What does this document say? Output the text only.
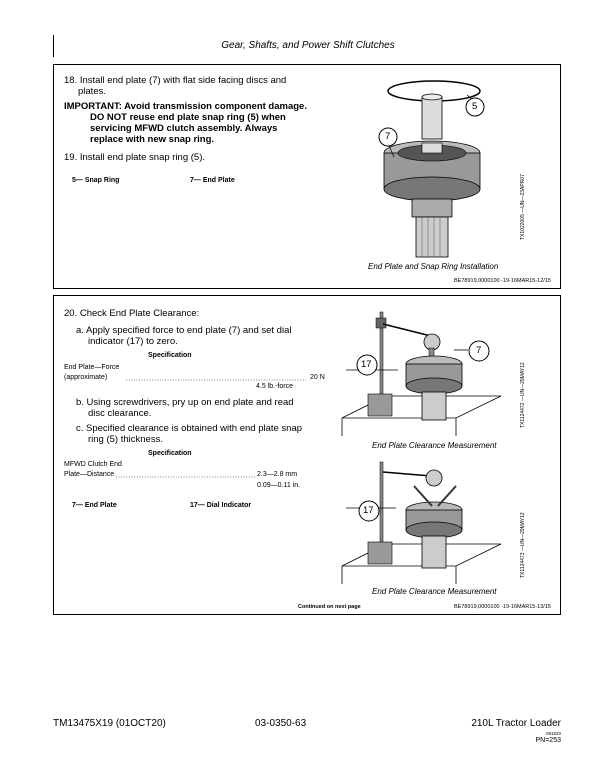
Gear, Shafts, and Power Shift Clutches
18. Install end plate (7) with flat side facing discs and
plates.
IMPORTANT: Avoid transmission component damage.
DO NOT reuse end plate snap ring (5) when
servicing MFWD clutch assembly. Always
replace with new snap ring.
19. Install end plate snap ring (5).
5— Snap Ring	7— End Plate
5
7
TX1022005 —UN—23APR07
End Plate and Snap Ring Installation
BE78919,0000100 -19-16MAR15-12/15
20. Check End Plate Clearance:
a. Apply specified force to end plate (7) and set dial
indicator (17) to zero.
Specification
End Plate—Force
(approximate)	20 N
4.5 lb.-force
b. Using screwdrivers, pry up on end plate and read
disc clearance.
c. Specified clearance is obtained with end plate snap
ring (5) thickness.
Specification
MFWD Clutch End
Plate—Distance	2.3—2.8 mm
0.09—0.11 in.
7— End Plate	17— Dial Indicator
17
7
TX1124472 —UN—29MAY12
End Plate Clearance Measurement
17
TX1124473 —UN—29MAY12
End Plate Clearance Measurement
Continued on next page	BE78919,0000100 -19-16MAR15-13/15
TM13475X19 (01OCT20)	03-0350-63	210L Tractor Loader
091520
PN=253
